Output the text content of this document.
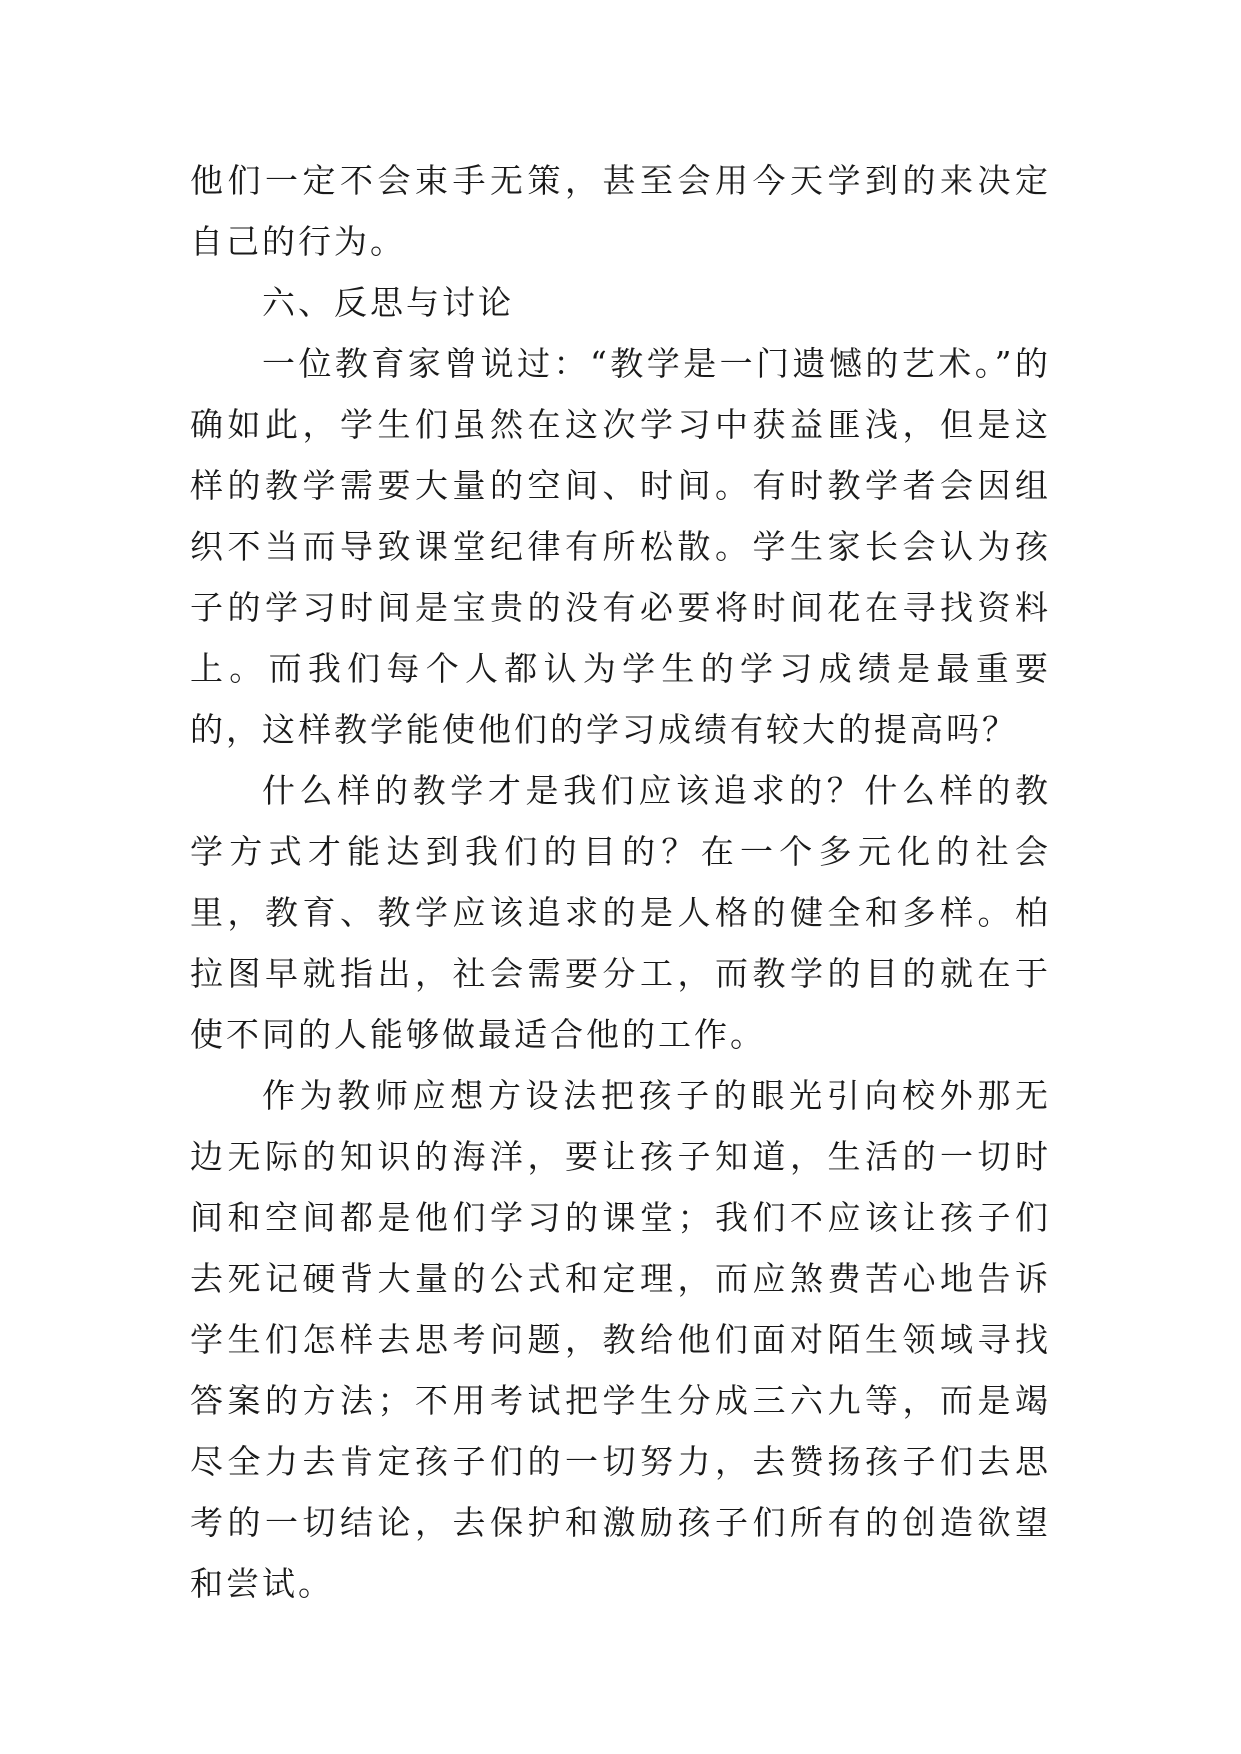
他们一定不会束手无策，甚至会用今天学到的来决定自己的行为。

六、反思与讨论

一位教育家曾说过：“教学是一门遗憾的艺术。”的确如此，学生们虽然在这次学习中获益匪浅，但是这样的教学需要大量的空间、时间。有时教学者会因组织不当而导致课堂纪律有所松散。学生家长会认为孩子的学习时间是宝贵的没有必要将时间花在寻找资料上。而我们每个人都认为学生的学习成绩是最重要的，这样教学能使他们的学习成绩有较大的提高吗？

什么样的教学才是我们应该追求的？什么样的教学方式才能达到我们的目的？在一个多元化的社会里，教育、教学应该追求的是人格的健全和多样。柏拉图早就指出，社会需要分工，而教学的目的就在于使不同的人能够做最适合他的工作。

作为教师应想方设法把孩子的眼光引向校外那无边无际的知识的海洋，要让孩子知道，生活的一切时间和空间都是他们学习的课堂；我们不应该让孩子们去死记硬背大量的公式和定理，而应煞费苦心地告诉学生们怎样去思考问题，教给他们面对陌生领域寻找答案的方法；不用考试把学生分成三六九等，而是竭尽全力去肯定孩子们的一切努力，去赞扬孩子们去思考的一切结论，去保护和激励孩子们所有的创造欲望和尝试。
